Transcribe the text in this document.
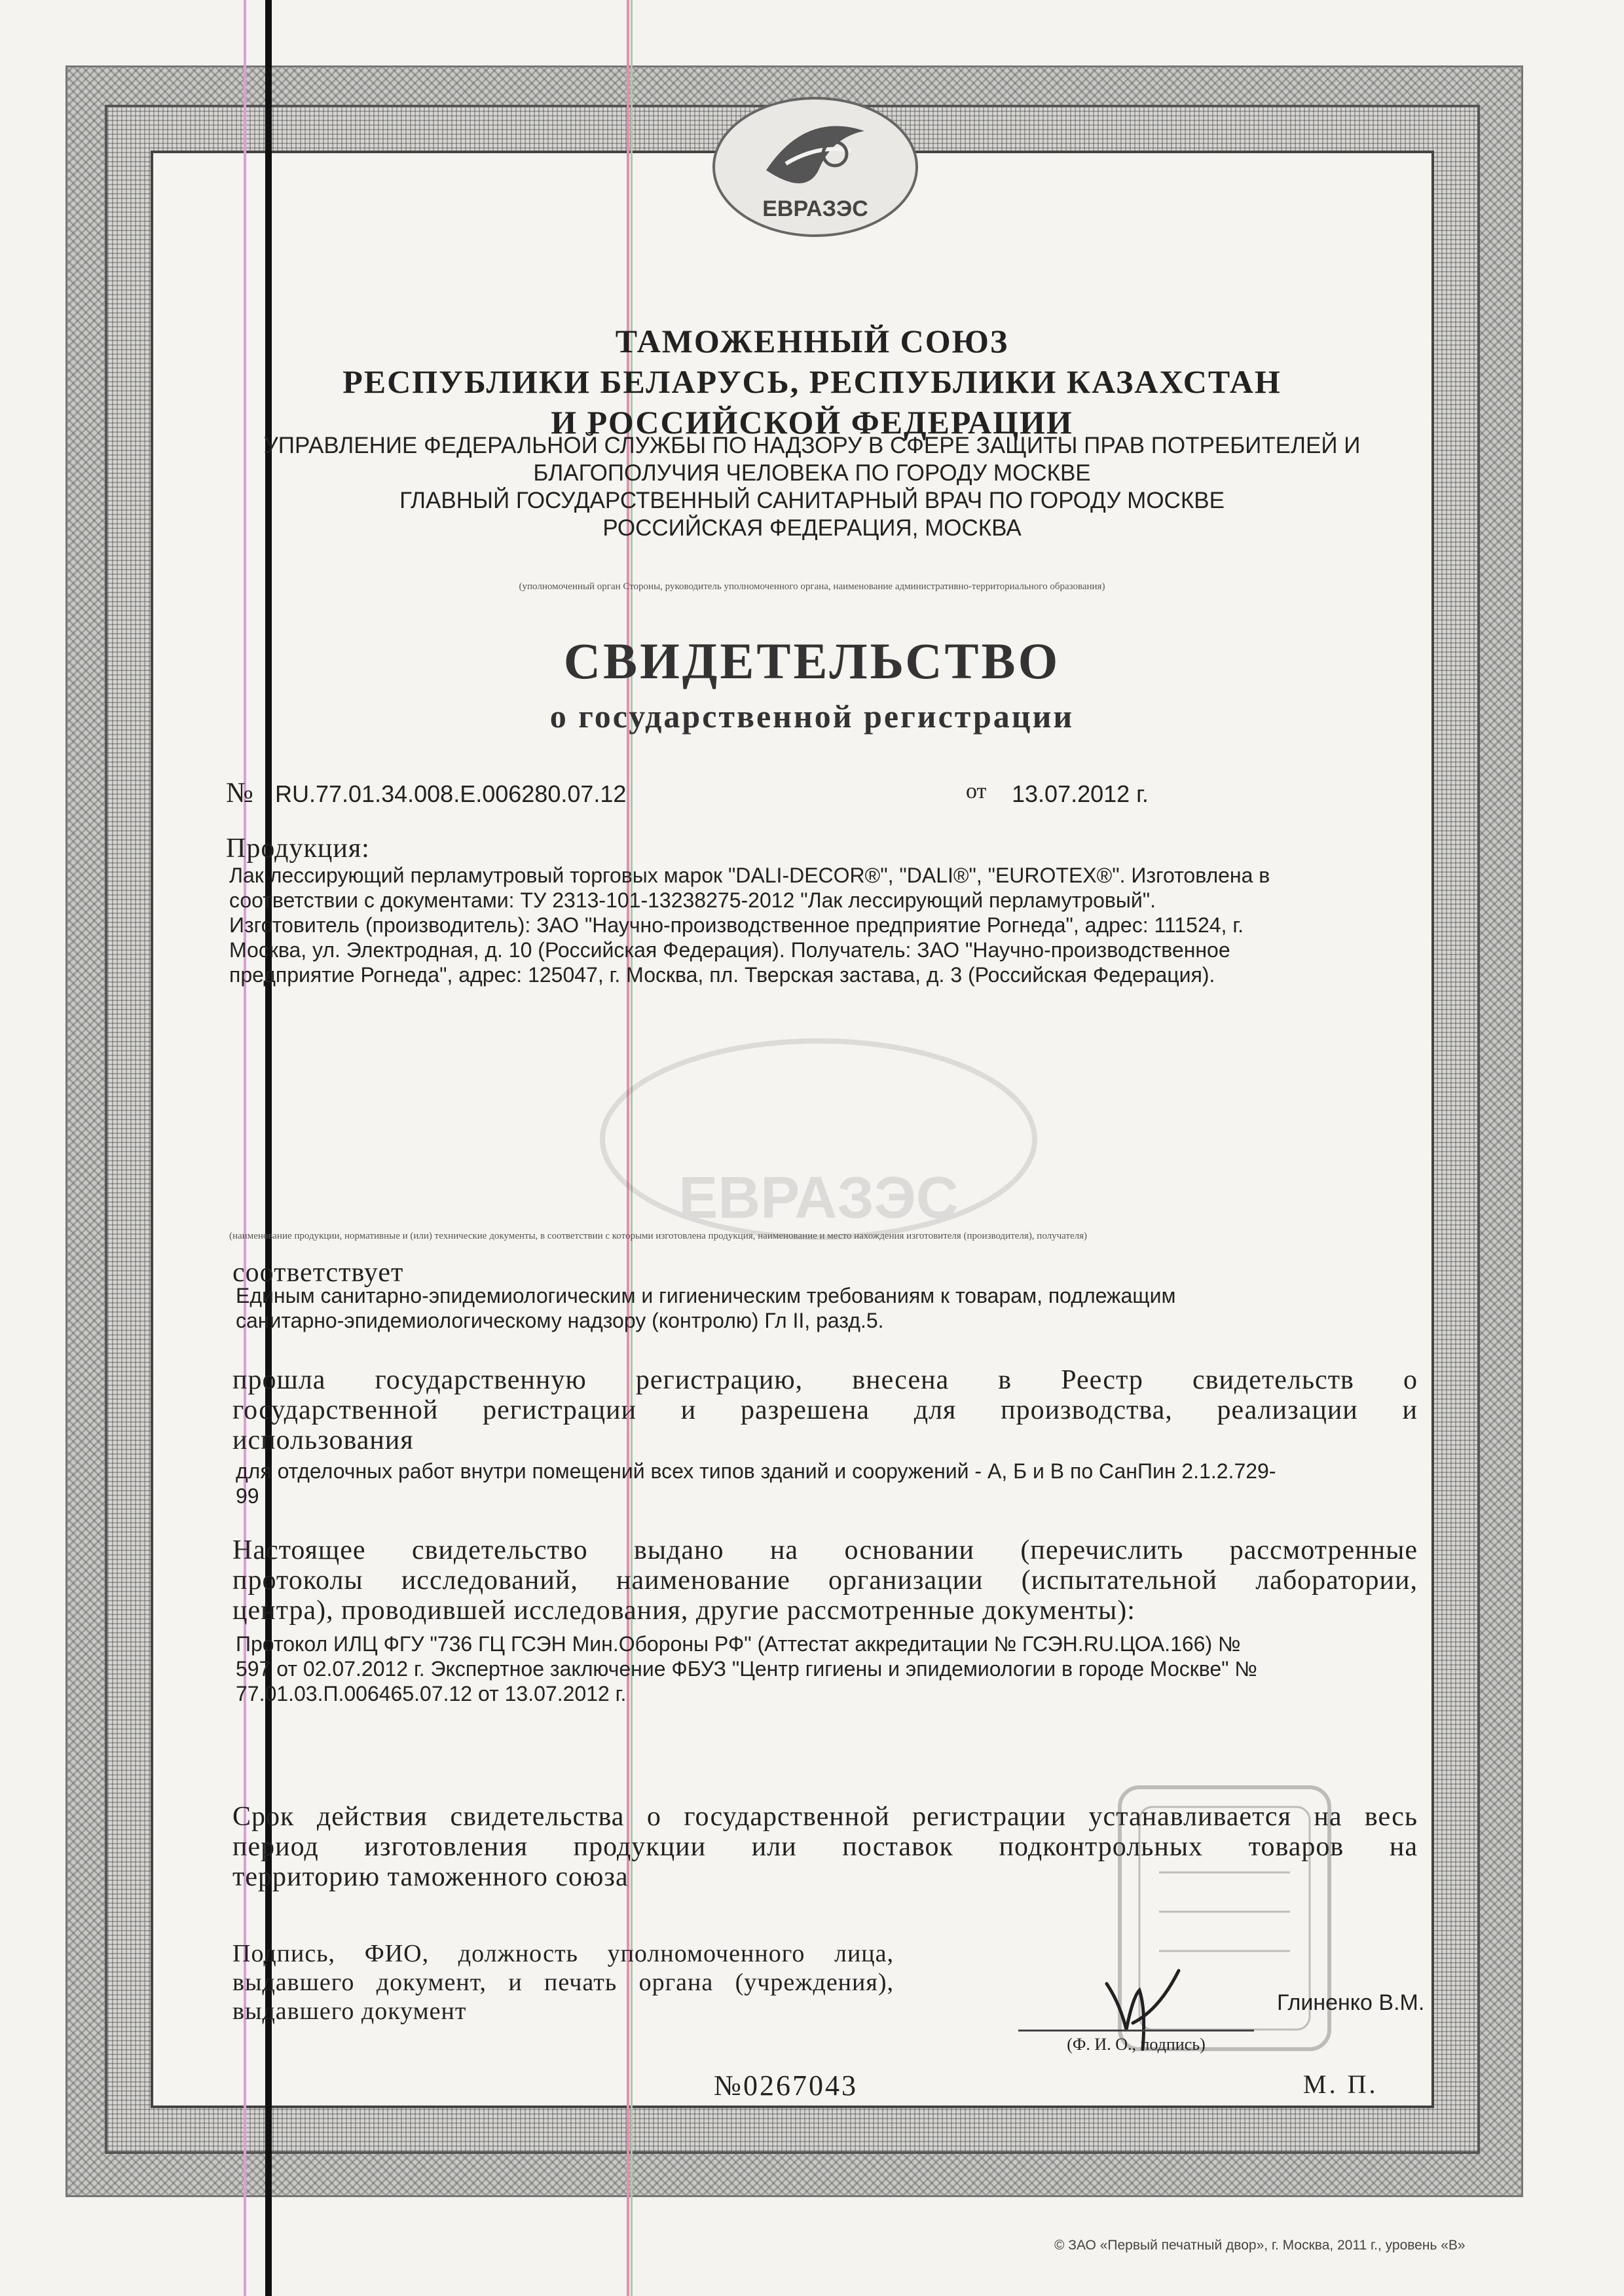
ЕВРАЗЭС
ТАМОЖЕННЫЙ СОЮЗ
РЕСПУБЛИКИ БЕЛАРУСЬ, РЕСПУБЛИКИ КАЗАХСТАН
И РОССИЙСКОЙ ФЕДЕРАЦИИ
УПРАВЛЕНИЕ ФЕДЕРАЛЬНОЙ СЛУЖБЫ ПО НАДЗОРУ В СФЕРЕ ЗАЩИТЫ ПРАВ ПОТРЕБИТЕЛЕЙ И
БЛАГОПОЛУЧИЯ ЧЕЛОВЕКА ПО ГОРОДУ МОСКВЕ
ГЛАВНЫЙ ГОСУДАРСТВЕННЫЙ САНИТАРНЫЙ ВРАЧ ПО ГОРОДУ МОСКВЕ
РОССИЙСКАЯ ФЕДЕРАЦИЯ, МОСКВА
(уполномоченный орган Стороны, руководитель уполномоченного органа, наименование административно-территориального образования)
СВИДЕТЕЛЬСТВО
о государственной регистрации
№ RU.77.01.34.008.Е.006280.07.12	от 13.07.2012 г.
Продукция:
Лак лессирующий перламутровый торговых марок "DALI-DECOR®", "DALI®", "EUROTEX®". Изготовлена в
соответствии с документами: ТУ 2313-101-13238275-2012 "Лак лессирующий перламутровый".
Изготовитель (производитель): ЗАО "Научно-производственное предприятие Рогнеда", адрес: 111524, г.
Москва, ул. Электродная, д. 10 (Российская Федерация). Получатель: ЗАО "Научно-производственное
предприятие Рогнеда", адрес: 125047, г. Москва, пл. Тверская застава, д. 3 (Российская Федерация).
ЕВРАЗЭС
(наименование продукции, нормативные и (или) технические документы, в соответствии с которыми изготовлена продукция, наименование и место нахождения изготовителя (производителя), получателя)
соответствует
Единым санитарно-эпидемиологическим и гигиеническим требованиям к товарам, подлежащим
санитарно-эпидемиологическому надзору (контролю) Гл II, разд.5.
прошла государственную регистрацию, внесена в Реестр свидетельств о
государственной регистрации и разрешена для производства, реализации и
использования
для отделочных работ внутри помещений всех типов зданий и сооружений - А, Б и В по СанПин 2.1.2.729-
99
Настоящее свидетельство выдано на основании (перечислить рассмотренные
протоколы исследований, наименование организации (испытательной лаборатории,
центра), проводившей исследования, другие рассмотренные документы):
Протокол ИЛЦ ФГУ "736 ГЦ ГСЭН Мин.Обороны РФ" (Аттестат аккредитации № ГСЭН.RU.ЦОА.166) №
597 от 02.07.2012 г. Экспертное заключение ФБУЗ "Центр гигиены и эпидемиологии в городе Москве" №
77.01.03.П.006465.07.12 от 13.07.2012 г.
Срок действия свидетельства о государственной регистрации устанавливается на весь
период изготовления продукции или поставок подконтрольных товаров на
территорию таможенного союза
Подпись, ФИО, должность уполномоченного лица,
выдавшего документ, и печать органа (учреждения),
выдавшего документ
(Ф. И. О., подпись)
Глиненко В.М.
№0267043	М. П.
© ЗАО «Первый печатный двор», г. Москва, 2011 г., уровень «В»
